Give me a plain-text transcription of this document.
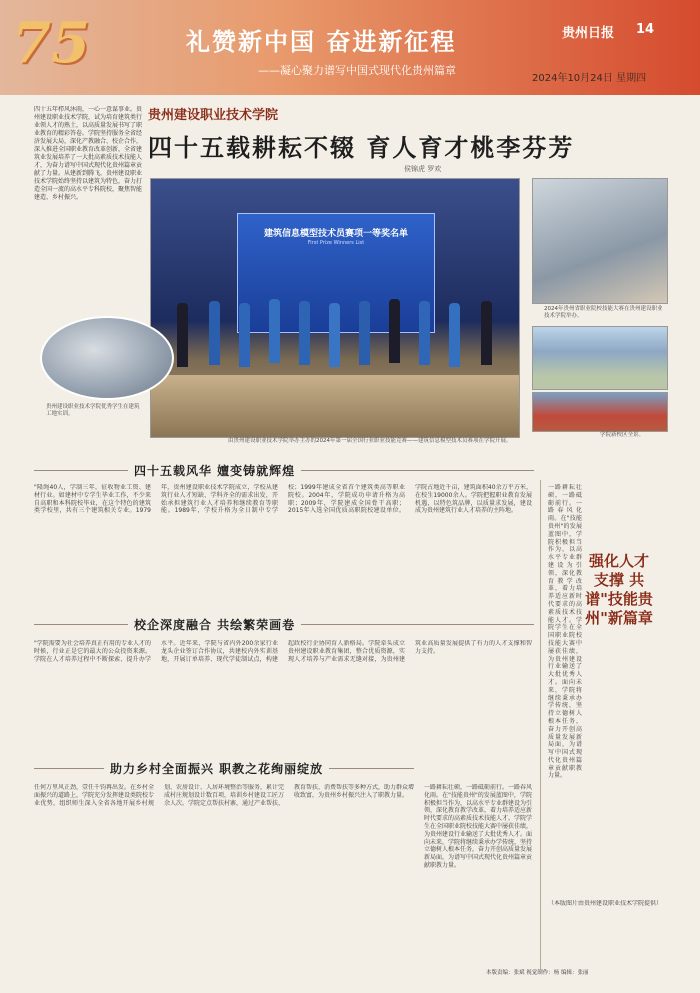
75	礼赞新中国 奋进新征程
——凝心聚力谱写中国式现代化贵州篇章
贵州日报 14
2024年10月24日 星期四
四十五年栉风沐雨，一心一意谋事业。贵州建设职业技术学院，试为培育建筑类行业领人才的熟土，以高质量发展书写了职业教育的精彩答卷。学院坚持服务全省经济发展大局，深化产教融合、校企合作，深入推进全国职业教育改革创新，全省建筑业发展培养了一大批高素质技术技能人才，为奋力谱写中国式现代化贵州篇章贡献了力量。从建新到腾飞，贵州建设职业技术学院始终坚持以建筑为特色，奋力打造全国一流的高水平专科院校，聚焦智能建造、乡村振兴。
贵州建设职业技术学院
四十五载耕耘不辍 育人育才桃李芬芳
侯锦虎 罗欢
建筑信息模型技术员赛项一等奖名单
First Prize Winners List
由贵州建设职业技术学院举办主办的2024年第一届全国行业职业技能竞赛——建筑信息模型技术员赛项在学院开展。
2024年贵州省职业院校技能大赛在贵州建设职业技术学院举办。
学院新校区全景。
贵州建设职业技术学院优秀学生在建筑工地实训。
四十五载风华 嬗变铸就辉煌
"隆绳40人，学制三年，征收物业工资、建材行业。如建材中专学生毕业工作，不少来自高职和本科院校毕业，在这个特色的建筑类学校里，共有三个建筑相关专业。1979年，贵州建设职业技术学院成立，学校从建筑行业人才短缺、学科齐全的需求出发，开始承担建筑行业人才培养和继续教育等职能。1989年，学校升格为全日制中专学校；1999年建成全省首个建筑类高等职业院校。2004年，学院成功申请升格为高职；2009年，学院建成全国骨干高职；2015年入选全国优质高职院校建设单位。学院占地近千亩，建筑面积40余万平方米，在校生19000余人。学院把握职业教育发展机遇，以特色筑品牌，以质量求发展，建设成为贵州建筑行业人才培养的主阵地。
校企深度融合 共绘繁荣画卷
"学院需要为社会培养真正有用的专业人才的时候，行业正是它的最大的公众投资来源。学院在人才培养过程中不断探索、提升办学水平。近年来，学院与省内外200余家行业龙头企业签订合作协议，共建校内外实训基地，开展订单培养、现代学徒制试点，构建起政校行企协同育人新格局。学院牵头成立贵州建设职业教育集团，整合优质资源，实现人才培养与产业需求无缝对接，为贵州建筑业高质量发展提供了有力的人才支撑和智力支持。
助力乡村全面振兴 职教之花绚丽绽放
任何万里风正劲，壹任千钧再出发。在乡村全面振兴的道路上，学院充分发挥建设类院校专业优势，组织师生深入全省各地开展乡村规划、农房设计、人居环境整治等服务，累计完成村庄规划设计数百项，培训乡村建设工匠万余人次。学院定点帮扶村寨，通过产业帮扶、教育帮扶、消费帮扶等多种方式，助力群众增收致富，为贵州乡村振兴注入了职教力量。
一路耕耘壮硕，一路砥砺前行。一路春风化雨。在"技能贵州"的发展蓝图中，学院积极担当作为，以高水平专业群建设为引领，深化教育教学改革，着力培养适应新时代要求的高素质技术技能人才。学院学生在全国职业院校技能大赛中屡获佳绩，为贵州建设行业输送了大批优秀人才。面向未来，学院将继续秉承办学传统，坚持立德树人根本任务，奋力开创高质量发展新局面，为谱写中国式现代化贵州篇章贡献职教力量。
强化人才支撑 共谱"技能贵州"新篇章
一路耕耘壮硕，一路砥砺前行。一路春风化雨。在"技能贵州"的发展蓝图中，学院积极担当作为，以高水平专业群建设为引领，深化教育教学改革，着力培养适应新时代要求的高素质技术技能人才。学院学生在全国职业院校技能大赛中屡获佳绩，为贵州建设行业输送了大批优秀人才。面向未来，学院将继续秉承办学传统，坚持立德树人根本任务，奋力开创高质量发展新局面，为谱写中国式现代化贵州篇章贡献职教力量。
（本版图片由贵州建设职业技术学院提供）
本版责编：张斌 视觉制作：杨 编辑：张丽
